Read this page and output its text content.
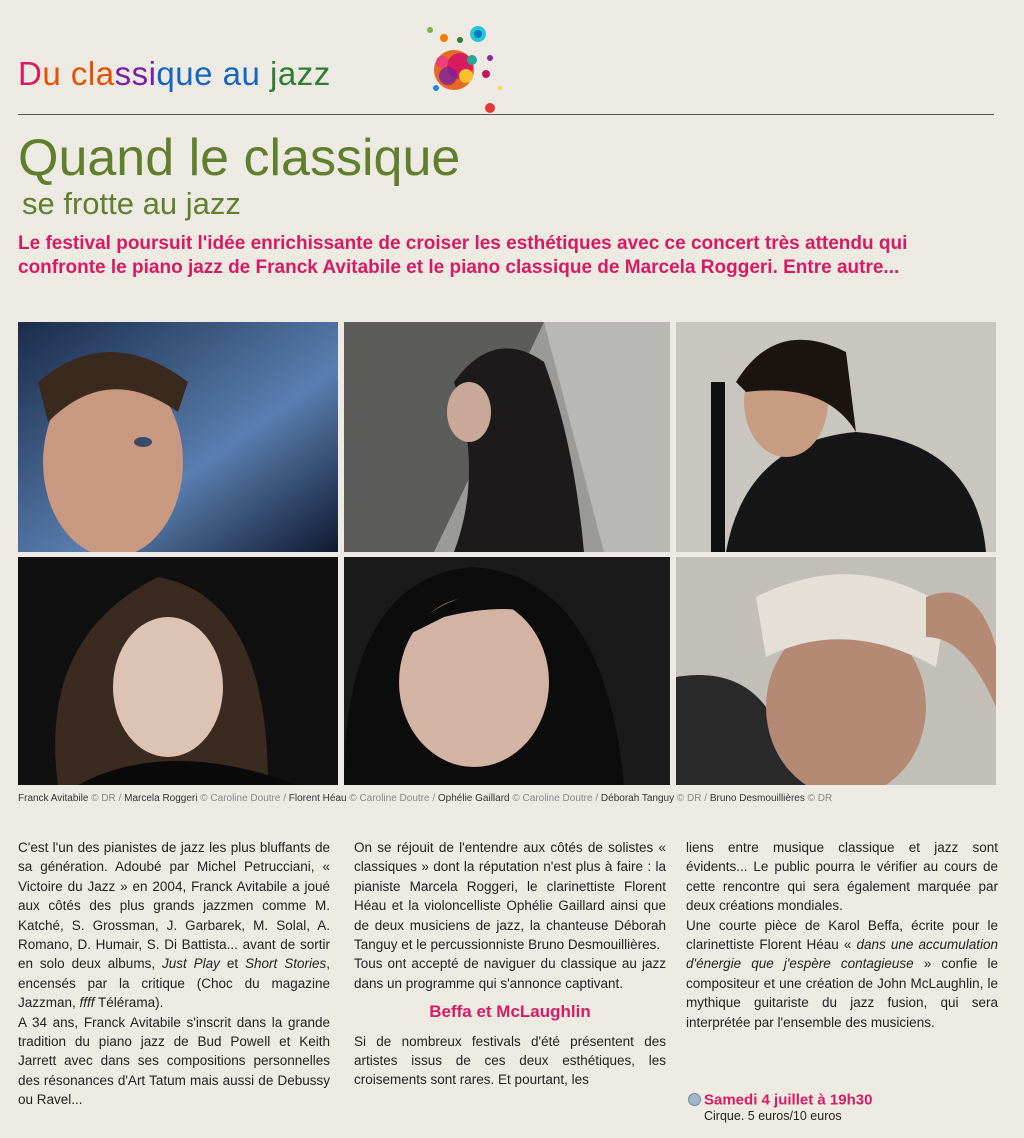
Du classique au jazz
Quand le classique
se frotte au jazz
Le festival poursuit l'idée enrichissante de croiser les esthétiques avec ce concert très attendu qui confronte le piano jazz de Franck Avitabile et le piano classique de Marcela Roggeri. Entre autre...
Franck Avitabile © DR / Marcela Roggeri © Caroline Doutre / Florent Héau © Caroline Doutre / Ophélie Gaillard © Caroline Doutre / Déborah Tanguy © DR / Bruno Desmouillières © DR

C'est l'un des pianistes de jazz les plus bluffants de sa génération. Adoubé par Michel Petrucciani, « Victoire du Jazz » en 2004, Franck Avitabile a joué aux côtés des plus grands jazzmen comme M. Katché, S. Grossman, J. Garbarek, M. Solal, A. Romano, D. Humair, S. Di Battista... avant de sortir en solo deux albums, Just Play et Short Stories, encensés par la critique (Choc du magazine Jazzman, ffff Télérama).

A 34 ans, Franck Avitabile s'inscrit dans la grande tradition du piano jazz de Bud Powell et Keith Jarrett avec dans ses compositions personnelles des résonances d'Art Tatum mais aussi de Debussy ou Ravel...

On se réjouit de l'entendre aux côtés de solistes « classiques » dont la réputation n'est plus à faire : la pianiste Marcela Roggeri, le clarinettiste Florent Héau et la violoncelliste Ophélie Gaillard ainsi que de deux musiciens de jazz, la chanteuse Déborah Tanguy et le percussionniste Bruno Desmouillières.

Tous ont accepté de naviguer du classique au jazz dans un programme qui s'annonce captivant.

Beffa et McLaughlin

Si de nombreux festivals d'été présentent des artistes issus de ces deux esthétiques, les croisements sont rares. Et pourtant, les

liens entre musique classique et jazz sont évidents... Le public pourra le vérifier au cours de cette rencontre qui sera également marquée par deux créations mondiales.

Une courte pièce de Karol Beffa, écrite pour le clarinettiste Florent Héau « dans une accumulation d'énergie que j'espère contagieuse » confie le compositeur et une création de John McLaughlin, le mythique guitariste du jazz fusion, qui sera interprétée par l'ensemble des musiciens.

Samedi 4 juillet à 19h30
Cirque. 5 euros/10 euros
